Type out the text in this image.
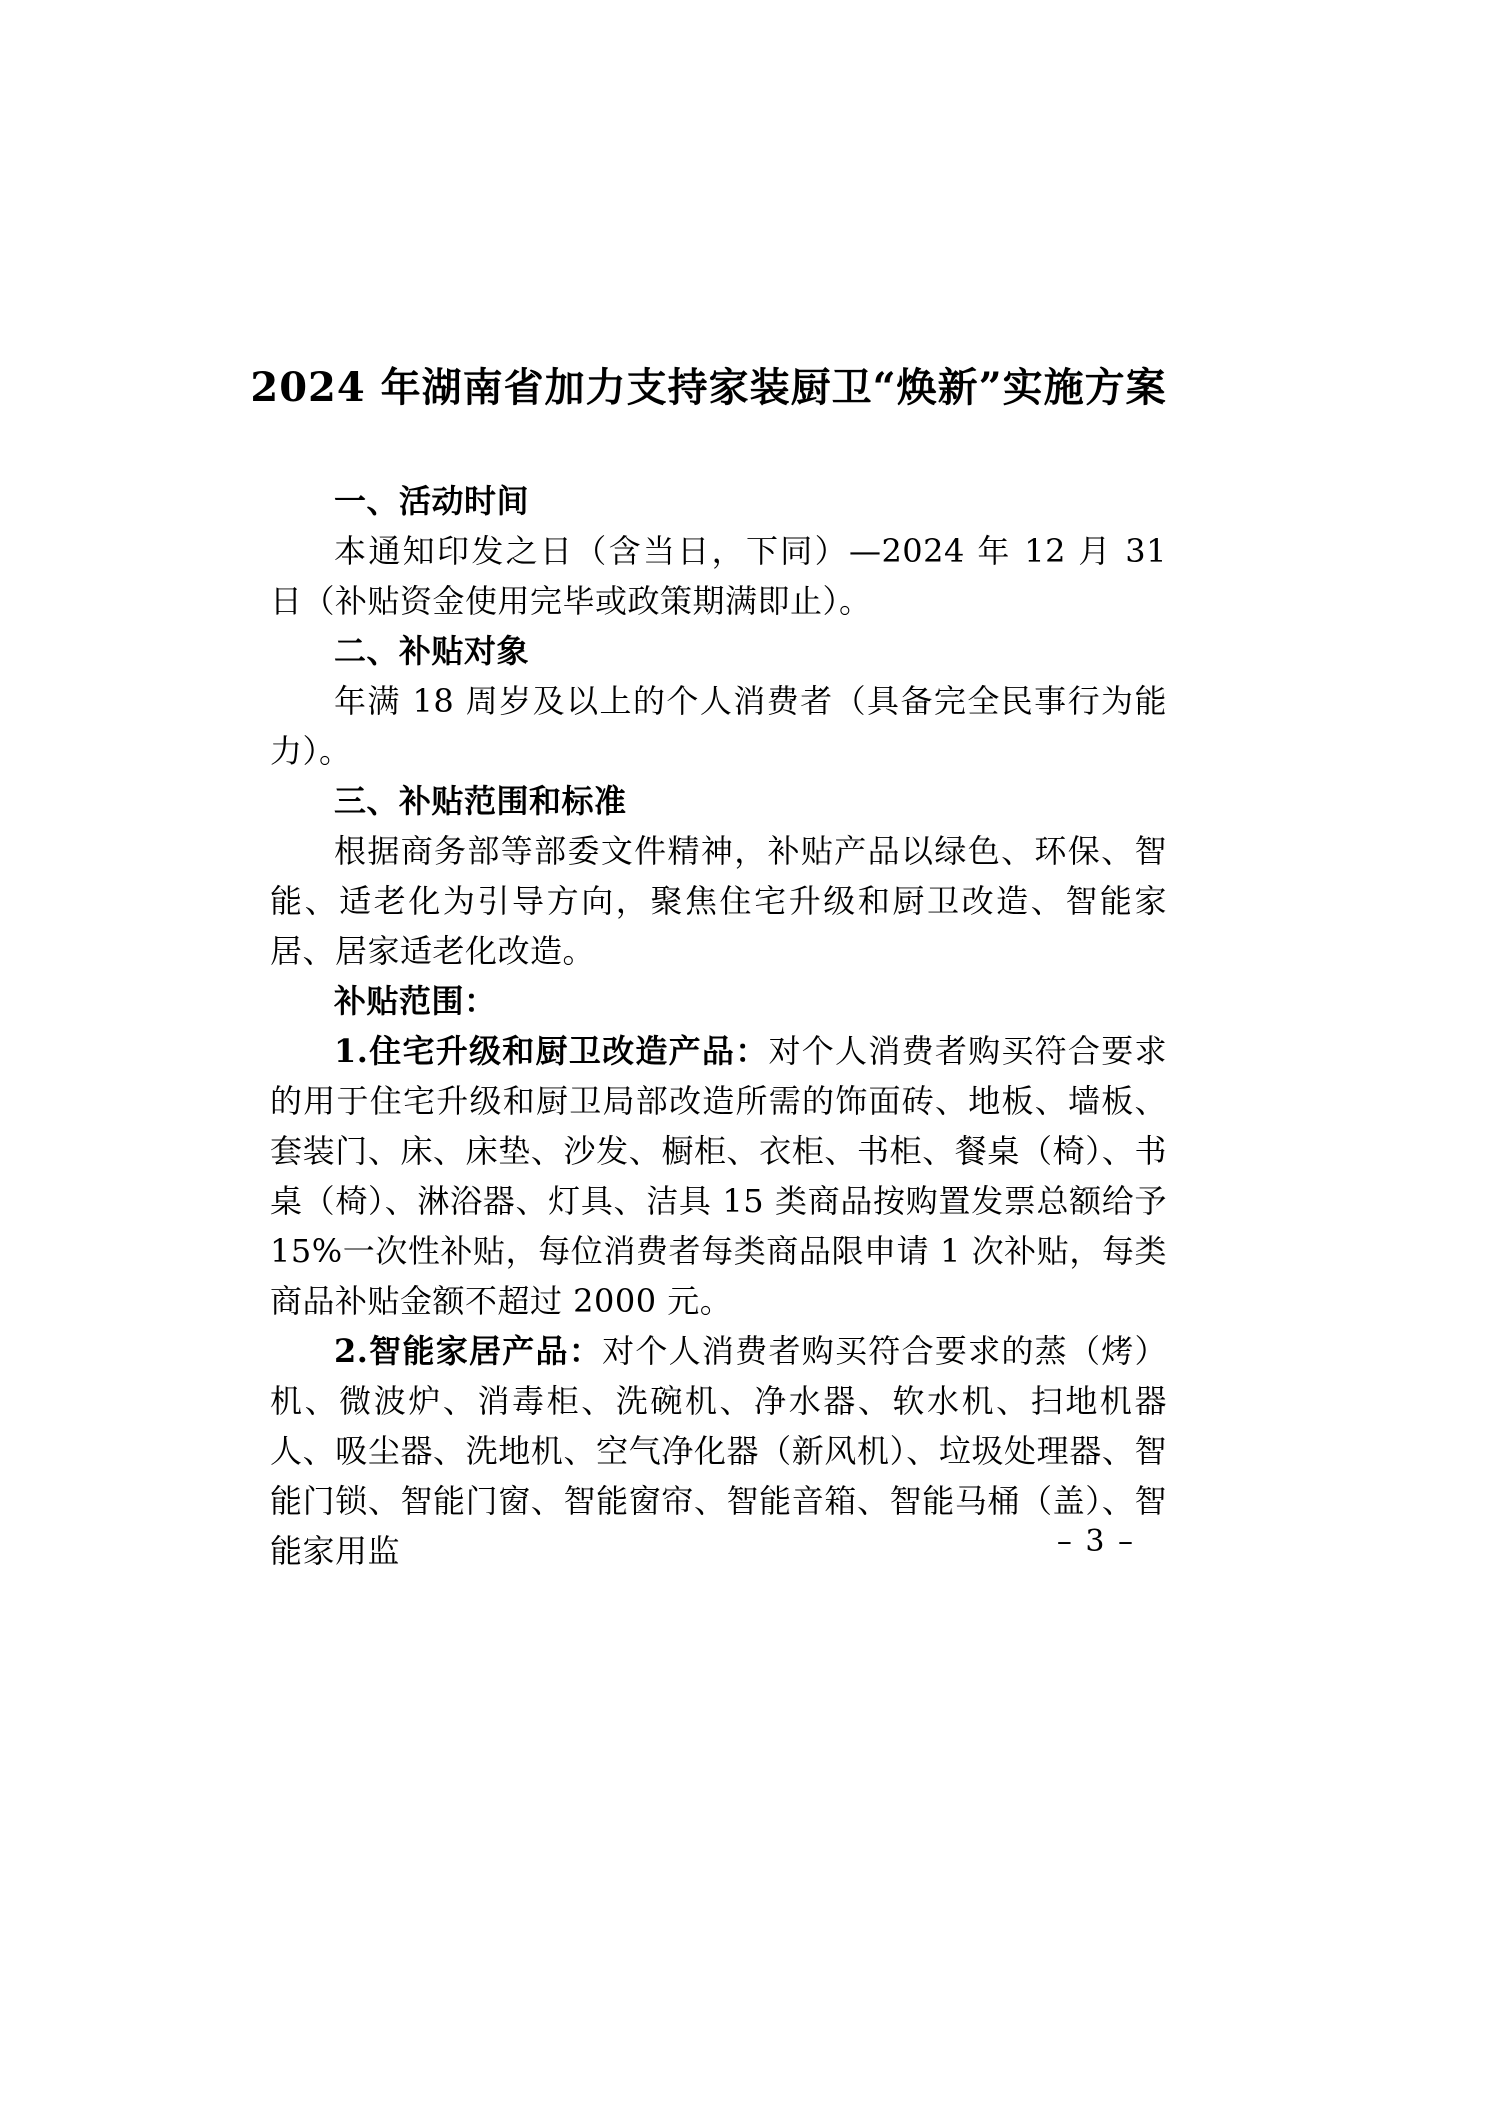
2024 年湖南省加力支持家装厨卫“焕新”实施方案

一、活动时间

本通知印发之日（含当日，下同）—2024 年 12 月 31 日（补贴资金使用完毕或政策期满即止）。

二、补贴对象

年满 18 周岁及以上的个人消费者（具备完全民事行为能力）。

三、补贴范围和标准

根据商务部等部委文件精神，补贴产品以绿色、环保、智能、适老化为引导方向，聚焦住宅升级和厨卫改造、智能家居、居家适老化改造。

补贴范围：

1.住宅升级和厨卫改造产品：对个人消费者购买符合要求的用于住宅升级和厨卫局部改造所需的饰面砖、地板、墙板、套装门、床、床垫、沙发、橱柜、衣柜、书柜、餐桌（椅）、书桌（椅）、淋浴器、灯具、洁具 15 类商品按购置发票总额给予 15%一次性补贴，每位消费者每类商品限申请 1 次补贴，每类商品补贴金额不超过 2000 元。

2.智能家居产品：对个人消费者购买符合要求的蒸（烤）机、微波炉、消毒柜、洗碗机、净水器、软水机、扫地机器人、吸尘器、洗地机、空气净化器（新风机）、垃圾处理器、智能门锁、智能门窗、智能窗帘、智能音箱、智能马桶（盖）、智能家用监	– 3 –
